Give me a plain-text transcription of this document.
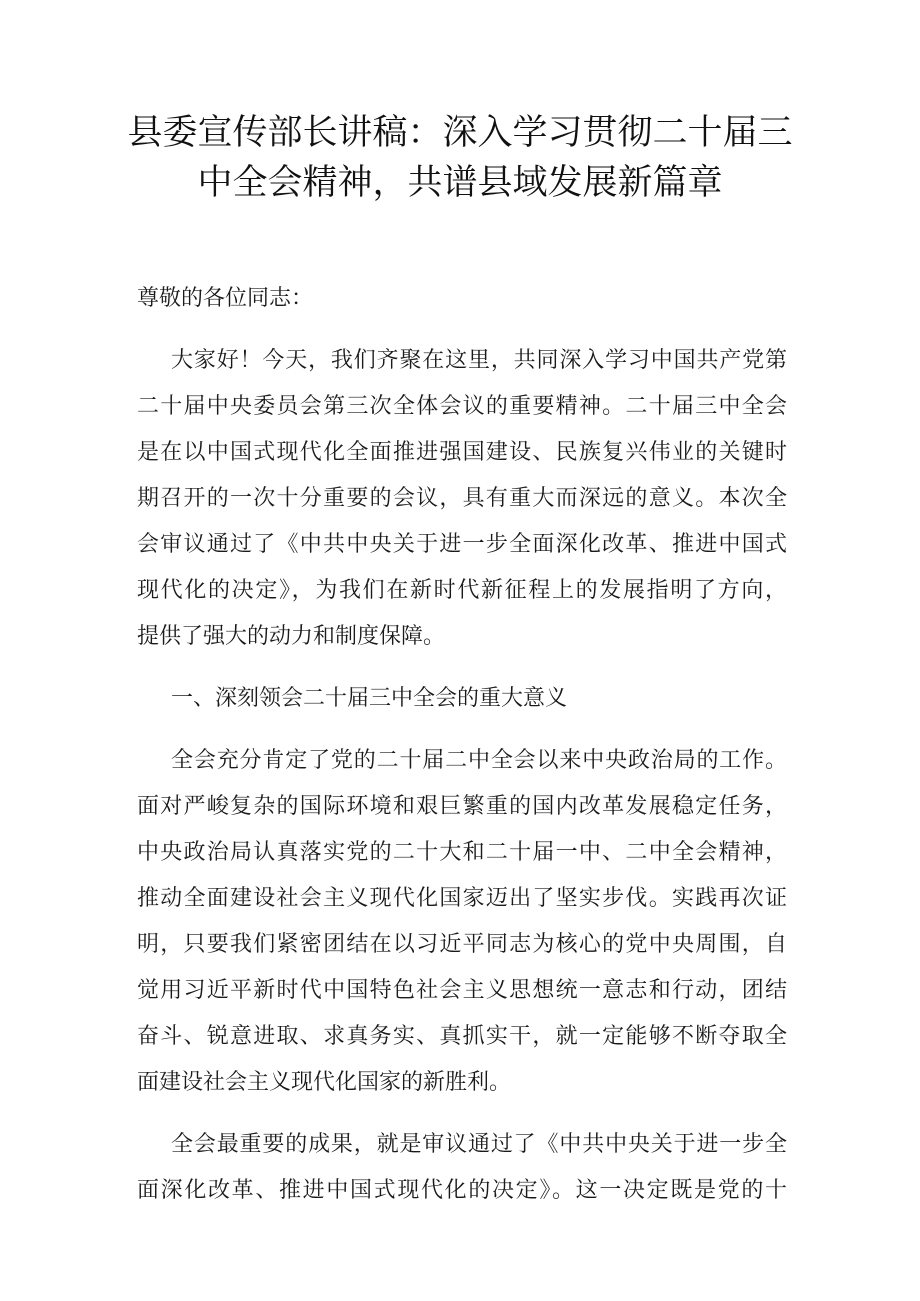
县委宣传部长讲稿：深入学习贯彻二十届三
中全会精神，共谱县域发展新篇章
尊敬的各位同志：
大家好！今天，我们齐聚在这里，共同深入学习中国共产党第
二十届中央委员会第三次全体会议的重要精神。二十届三中全会
是在以中国式现代化全面推进强国建设、民族复兴伟业的关键时
期召开的一次十分重要的会议，具有重大而深远的意义。本次全
会审议通过了《中共中央关于进一步全面深化改革、推进中国式
现代化的决定》，为我们在新时代新征程上的发展指明了方向，
提供了强大的动力和制度保障。
一、深刻领会二十届三中全会的重大意义
全会充分肯定了党的二十届二中全会以来中央政治局的工作。
面对严峻复杂的国际环境和艰巨繁重的国内改革发展稳定任务，
中央政治局认真落实党的二十大和二十届一中、二中全会精神，
推动全面建设社会主义现代化国家迈出了坚实步伐。实践再次证
明，只要我们紧密团结在以习近平同志为核心的党中央周围，自
觉用习近平新时代中国特色社会主义思想统一意志和行动，团结
奋斗、锐意进取、求真务实、真抓实干，就一定能够不断夺取全
面建设社会主义现代化国家的新胜利。
全会最重要的成果，就是审议通过了《中共中央关于进一步全
面深化改革、推进中国式现代化的决定》。这一决定既是党的十
